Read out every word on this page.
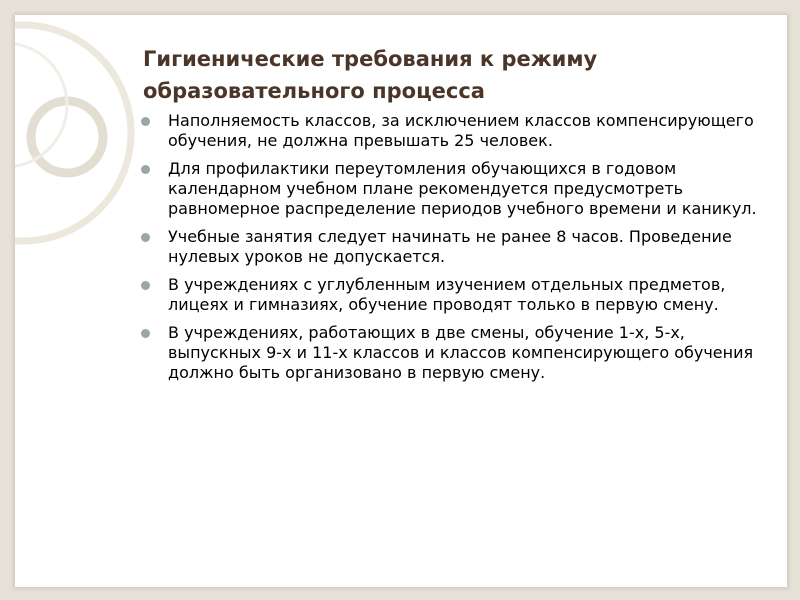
Гигиенические требования к режиму образовательного процесса
Наполняемость классов, за исключением классов компенсирующего обучения, не должна превышать 25 человек.
Для профилактики переутомления обучающихся в годовом календарном учебном плане рекомендуется предусмотреть равномерное распределение периодов учебного времени и каникул.
Учебные занятия следует начинать не ранее 8 часов. Проведение нулевых уроков не допускается.
В учреждениях с углубленным изучением отдельных предметов, лицеях и гимназиях, обучение проводят только в первую смену.
В учреждениях, работающих в две смены, обучение 1-х, 5-х, выпускных 9-х и 11-х классов и классов компенсирующего обучения должно быть организовано в первую смену.
